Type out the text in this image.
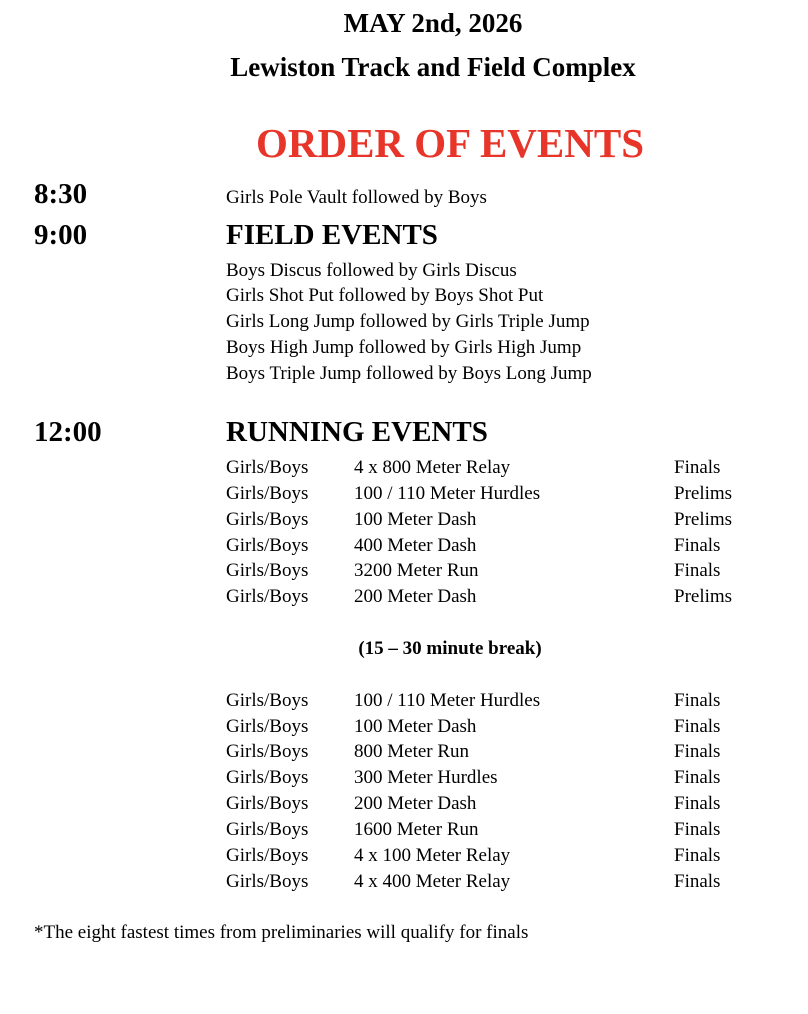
MAY 2nd, 2026
Lewiston Track and Field Complex
ORDER OF EVENTS
8:30	Girls Pole Vault followed by Boys
9:00	FIELD EVENTS
Boys Discus followed by Girls Discus
Girls Shot Put followed by Boys Shot Put
Girls Long Jump followed by Girls Triple Jump
Boys High Jump followed by Girls High Jump
Boys Triple Jump followed by Boys Long Jump
12:00	RUNNING EVENTS
Girls/Boys 4 x 800 Meter Relay	Finals
Girls/Boys 100 / 110 Meter Hurdles	Prelims
Girls/Boys 100 Meter Dash	Prelims
Girls/Boys 400 Meter Dash	Finals
Girls/Boys 3200 Meter Run	Finals
Girls/Boys 200 Meter Dash	Prelims
(15 – 30 minute break)
Girls/Boys 100 / 110 Meter Hurdles	Finals
Girls/Boys 100 Meter Dash	Finals
Girls/Boys 800 Meter Run	Finals
Girls/Boys 300 Meter Hurdles	Finals
Girls/Boys 200 Meter Dash	Finals
Girls/Boys 1600 Meter Run	Finals
Girls/Boys 4 x 100 Meter Relay	Finals
Girls/Boys 4 x 400 Meter Relay	Finals
*The eight fastest times from preliminaries will qualify for finals
